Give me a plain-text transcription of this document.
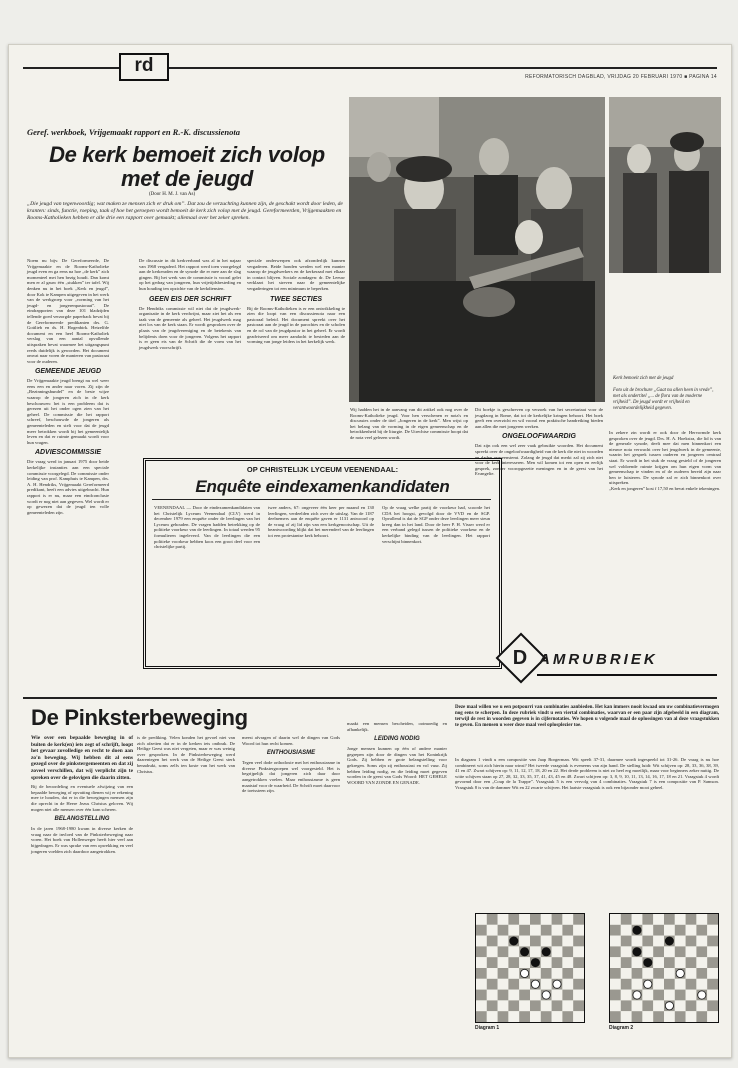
rd
REFORMATORISCH DAGBLAD, VRIJDAG 20 FEBRUARI 1970 ■ PAGINA 14
Geref. werkboek, Vrijgemaakt rapport en R.-K. discussienota
De kerk bemoeit zich volop met de jeugd
(Door H. M. J. van As)
„Die jeugd van tegenwoordig; wat maken ze mensen zich er druk om”. Dat zou de verzuchting kunnen zijn, de geschakt wordt door leden, de kranten: sinds, functie, roeping, taak of hoe het geroepen wordt bemoeit de kerk zich volop met de jeugd. Gereformeerden, Vrijgemaakten en Rooms-Katholieken hebben er alle drie een rapport over gemaakt; allemaal over het zeker spreken.
Noem nu bijv. De Gereformeerde, De Vrijgemaakte en de Rooms-Katholieke jeugd even en ga eens na hoe „de kerk” zich momenteel met hen bezig houdt. Dan komt men er al gauw één „stukken” ter tafel. Wij denken nu in het boek „Kerk en jeugd”, door Kok te Kampen uitgegeven in het werk van de werkgroep voor „vorming van het jeugd- en jongerenpastoraat”. De eindrapporten van deze 101 bladzijden tellende goed verzorgde paperback bevat bij de Gereformeerde predikanten drs. G. Gottlieb en ds. H. Hogenbirk. Hetzelfde document en een heel Rooms-Katholiek verslag van een aantal opvallende uitspraken bevat waarmee het uitgangspunt reeds duidelijk is geworden. Het document omvat naar voren de manieren van pastoraat voor de ouderen.
GEMEENDE JEUGD
De Vrijgemaakte jeugd brengt nu wel weer eens een en ander naar voren. Zij zijn de „Bezinningsbundel” en de beste wijze waarop de jongeren zich in de kerk beschouwen: het is een probleem dat is gerezen uit het onder ogen zien van het geheel. De commissie die het rapport schreef, beschouwde de jongeren als gemeenteleden en stelt voor dat de jeugd meer betrokken wordt bij het gemeentelijk leven en dat er ruimte gemaakt wordt voor hun vragen.
ADVIESCOMMISSIE
Die vraag werd in januari 1975 door beide kerkelijke instanties aan een speciale commissie voorgelegd. De commissie onder leiding van prof. Kamphuis te Kampen, drs. A. H. Hendriks, Vrijgemaakt Gereformeerd predikant, heeft een advies uitgebracht. Hun rapport is er nu, maar een eindconclusie wordt er nog niet aan gegeven. Wel wordt er op gewezen dat de jeugd ten volle gemeenteleden zijn.
De discussie in dit kerkverband was al in het najaar van 1968 vergaderd. Het rapport werd toen voorgelegd aan de kerkeraden en de synode die er mee aan de slag gingen. Bij het werk van de commissie is vooral gelet op het gedrag van jongeren, hun vrijetijdsbesteding en hun houding ten opzichte van de kerkdiensten.
GEEN EIS DER SCHRIFT
De Hendriks commissie wil niet dat de jeugdwerk-organisatie in de kerk verdwijnt, maar ziet het als een taak van de gemeente als geheel. Het jeugdwerk mag niet los van de kerk staan. Er wordt gesproken over de plaats van de jeugdvereniging en de betekenis van belijdenis doen voor de jongeren. Volgens het rapport is er geen eis van de Schrift die de vorm van het jeugdwerk voorschrijft.
speciale onderwerpen ook afzonderlijk kunnen vergaderen. Beide honden werden wel een manier waarop de jeugdwerkers en de kerkeraad met elkaar in contact blijven. Sociale zondagen: dr. De Leeuw verklaart het streven naar de gemeentelijke vergaderingen tot een minimum te beperken.
TWEE SECTIES
Bij de Rooms-Katholieken is er een ontwikkeling te zien die loopt van een discussienota naar een pastoraal beleid. Het document spreekt over het pastoraat aan de jeugd in de parochies en de scholen en de rol van de jeugdpastor in het geheel. Er wordt geadviseerd om meer aandacht te besteden aan de vorming van jonge leiders in het kerkelijk werk.
Kerk bemoeit zich met de jeugd
Foto uit de brochure „Gaat nu allen heen in vrede”, met als ondertitel „... de flora van de moderne vrijheid”. De jeugd wordt er vrijheid en verantwoordelijkheid gegeven.
Wij hadden het in de aanvang van dit artikel ook nog over de Rooms-Katholieke jeugd. Voor hen verschenen er nota's en discussies onder de titel „Jongeren in de kerk”. Men wijst op het belang van de vorming in de eigen gemeenschap en de betrokkenheid bij de liturgie. De Utrechtse commissie hoopt dat de nota veel gelezen wordt.
Dit boekje is geschreven op verzoek van het secretariaat voor de jeugdzorg in Rome, dat tot de kerkelijke kringen behoort. Het boek geeft een overzicht en wil vooral een praktische handreiking bieden aan allen die met jongeren werken.
ONGELOOFWAARDIG
Dat zijn ook een wel zeer vaak gebruikte woorden. Het document spreekt over de ongeloofwaardigheid van de kerk die niet in woorden en daden overeenstemt. Zolang de jeugd dat merkt zal zij zich niet voor de kerk interesseren. Men wil komen tot een open en eerlijk gesprek, zonder vooropgezette meningen en in de geest van het Evangelie.
In zekere zin wordt er ook door de Hervormde kerk gesproken over de jeugd. Drs. H. A. Hoekstra, die lid is van de generale synode, deelt mee dat men binnenkort een nieuwe nota verwacht over het jeugdwerk in de gemeente, waarin het gesprek tussen ouderen en jongeren centraal staat. Er wordt in het stuk de vraag gesteld of de jongeren wel voldoende ruimte krijgen om hun eigen vorm van gemeenschap te vinden en of de ouderen bereid zijn naar hen te luisteren. De synode zal er zich binnenkort over uitspreken.
„Kerk en jongeren” kost f 17,50 en bevat enkele tekeningen.
OP CHRISTELIJK LYCEUM VEENENDAAL:
Enquête eindexamenkandidaten
VEENENDAAL — Door de eindexamenkandidaten van het Christelijk Lyceum Veenendaal (CLV) werd in december 1979 een enquête onder de leerlingen van het Lyceum gehouden. De vragen hadden betrekking op de politieke voorkeur van de leerlingen. In totaal werden 95 formulieren ingeleverd. Van de leerlingen die een politieke voorkeur hebben koos een groot deel voor een christelijke partij.
twee anders, 67: ongeveer één keer per maand en 130 leerlingen, verdeelden zich over de uitslag. Van de 1187 deelnemers aan de enquête gaven er 1131 antwoord op de vraag of zij lid zijn van een kerkgenootschap. Uit de beantwoording blijkt dat het merendeel van de leerlingen tot een protestantse kerk behoort.
Op de vraag welke partij de voorkeur had, scoorde het CDA het hoogst, gevolgd door de VVD en de SGP. Opvallend is dat de SGP onder deze leerlingen meer steun kreeg dan in het land. Door de heer P. H. Visser werd er een verband gelegd tussen de politieke voorkeur en de kerkelijke binding van de leerlingen. Het rapport verschijnt binnenkort.
D AMRUBRIEK
De Pinksterbeweging
Wie over een bepaalde beweging in of buiten de kerk(en) iets zegt of schrijft, loopt het gevaar zovolledige en recht te doen aan zo'n beweging. Wij hebben dit al eens gezegd over de pinkstergemeenten en dat zij zoveel verschillen, dat wij verplicht zijn te spreken over de gelovigen die daarin zitten.
Bij de beoordeling en eventuele afwijzing van een bepaalde beweging of opvatting dienen wij er rekening mee te houden, dat er in die bewegingen mensen zijn die oprecht in de Heere Jezus Christus geloven. Wij mogen niet alle mensen over één kam scheren.
BELANGSTELLING
In de jaren 1968-1980 kwam in diverse kerken de vraag naar de invloed van de Pinksterbeweging naar voren. Het boek van Hollenweger heeft hier veel aan bijgedragen. Er was sprake van een opwekking en veel jongeren voelden zich daardoor aangetrokken.
is de prediking. Velen konden het gevoel niet van zich afzetten dat er in de kerken iets ontbrak. De Heilige Geest was niet vergeten, maar er was weinig over gesproken. In de Pinksterbeweging werd daarentegen het werk van de Heilige Geest sterk benadrukt, soms zelfs ten koste van het werk van Christus.
meest afvragen of daarin wel de dingen van Gods Woord tot hun recht komen.
ENTHOUSIASME
Tegen veel dode orthodoxie met het enthousiasme in diverse Pinkstergroepen wel voorgesteld. Het is begrijpelijk dat jongeren zich daar door aangetrokken voelen. Maar enthousiasme is geen maatstaf voor de waarheid. De Schrift moet daarvoor de toetssteen zijn.
maakt een mensen bescheiden, ootmoedig en afhankelijk.
LEIDING NODIG
Jonge mensen kunnen op één of andere manier gegrepen zijn door de dingen van het Koninkrijk Gods. Zij hebben er grote belangstelling voor gekregen. Soms zijn zij enthousiast en vol vuur. Zij hebben leiding nodig, en die leiding moet gegeven worden in de geest van Gods Woord: HET GEHELE WOORD VAN ZONDE EN GENADE.
Deze maal willen we u een potpourri van combinaties aanbieden. Het kan immers nooit kwaad om uw combinatievermogen nog eens te scherpen. In deze rubriek vindt u een viertal combinaties, waarvan er een paar zijn afgebeeld in een diagram, terwijl de rest in woorden gegeven is in cijfernotaties. We hopen u volgende maal de oplossingen van al deze vraagstukken te geven. En mensen u weer deze maal veel oplosplezier toe.
In diagram 1 vindt u een compositie van Jaap Borgerman. Wit speelt 37-31, daarmee wordt ingespeeld tot 31-26. De vraag is nu hoe combineert wit zich hierin naar winst? Het tweede vraagstuk is eveneens van zijn hand. De stelling luidt: Wit schijven op: 28, 33, 36, 38, 39, 41 en 47. Zwart schijven op: 9, 11, 12, 17, 18, 20 en 22. Het derde probleem is niet zo heel erg moeilijk, maar voor beginners zeker nuttig. De witte schijven staan op 27, 28, 32, 33, 35, 37, 41, 43, 45 en 48. Zwart schijven op: 3, 8, 9, 10, 11, 13, 14, 16, 17, 18 en 21. Vraagstuk 4 wordt gevormd door een „Coup de la Trappe”. Vraagstuk 5 is een vervolg van 4 combinaties. Vraagstuk 7 is een compositie van P. Samson. Vraagstuk 8 is van de dammer Wit en 22 zwarte schijven. Het laatste vraagstuk is ook een bijzonder mooi geheel.
Diagram 1	Diagram 2
